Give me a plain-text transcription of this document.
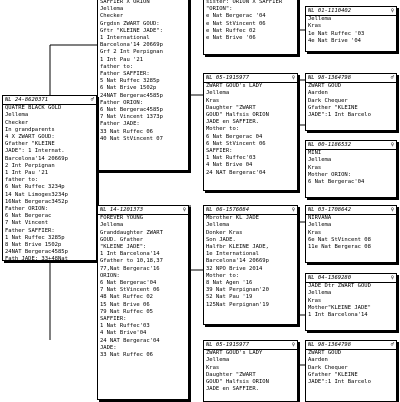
SAFFIER X ORION
Jellema
Checker
Grgdsn ZWART GOUD:
Gftr "KLEINE JADE":
1 International
Barcelona'14 20669p
Grf 2 Int Perpignan
1 Int Pau '21
father to:
Father SAFFIER:
5 Nat Ruffec 3285p
6 Nat Brive 1502p
24NAT Bergerac4585p
Father ORION:
6 Nat Bergerac4585p
7 Nat Vincent 1373p
Father JADE:
33 Nat Ruffec 06
40 Nat StVincent 07
sister: ORION X SAFFIER
"ORION":
e Nat Bergerac '04
e Nat StVincent 06
e Nat Ruffec 02
e Nat Brive '06
NL 01-1110402	♀
Jellema
Kras
1e Nat Ruffec '03
4e Nat Brive '04
NL 24-8620371	♂
QUATRE BLACK GOLD
Jellema
Checker
In grandparents
4 X ZWART GOUD:
Gfather "KLEINE
JADE": 1 Internat.
Barcelona'14 20669p
2 Int Perpignan
1 Int Pau '21
father to:
6 Nat Ruffec 3234p
14 Nat Limoges3234p
16Nat Bergerac3452p
Father ORION:
6 Nat Bergerac
7 Nat Vincent
Father SAFFIER:
1 Nat Ruffec 3285p
8 Nat Brive 1502p
24NAT Bergerac4585p
Fath JADE: 33+48Nat
NL 05-1915977	♀
ZWART GOUD's LADY
Jellema
Kras
Daughter "ZWART
GOUD" Halfsis ORION
JADE en SAFFIER.
Mother to:
6 Nat Bergerac 04
6 Nat StVincent 06
SAFFIER:
1 Nat Ruffec'03
4 Nat Brive 04
24 NAT Bergerac'04
NL 98-1364798	♂
ZWART GOUD
Aarden
Dark Chequer
Gfather "KLEINE
JADE":1 Int Barcelo
NL 00-1186532	♀
MINI
Jellema
Kras
Mother ORION:
6 Nat Bergerac'04
NL 14-1201373	♀
FOREVER YOUNG
Jellema
Granddaughter ZWART
GOUD. Gfather
"KLEINE JADE":
1 Int Barcelona'14
Gfather to 10,18,37
77,Nat Bergerac'16
ORION:
6 Nat Bergerac'04
7 Nat StVincent 06
48 Nat Ruffec 02
15 Nat Brive 06
79 Nat Ruffec 05
SAFFIER:
1 Nat Ruffec'03
4 Nat Brive'04
24 NAT Bergerac'04
JADE:
33 Nat Ruffec 06
NL 06-1576084	♀
Mbrother KL JADE
Jellema
Donker Kras
Son JADE.
Halfbr KLEINE JADE,
1e International
Barcelona'14 20669p
32 NPO Brive 2014
Mother to:
8 Nat Agen '16
39 Nat Perpignan'20
52 Nat Pau '19
125Nat Perpignan'19
NL 03-1708642	♀
NIRVANA
Jellema
Kras
6e Nat StVincent 08
11e Nat Bergerac 08
NL 04-1369280	♀
JADE Dtr ZWART GOUD
Jellema
Kras
Mother"KLEINE JADE"
1 Int Barcelona'14
NL 05-1915977	♀
ZWART GOUD's LADY
Jellema
Kras
Daughter "ZWART
GOUD" Halfsis ORION
JADE en SAFFIER.
NL 98-1364798	♂
ZWART GOUD
Aarden
Dark Chequer
Gfather "KLEINE
JADE":1 Int Barcelo
